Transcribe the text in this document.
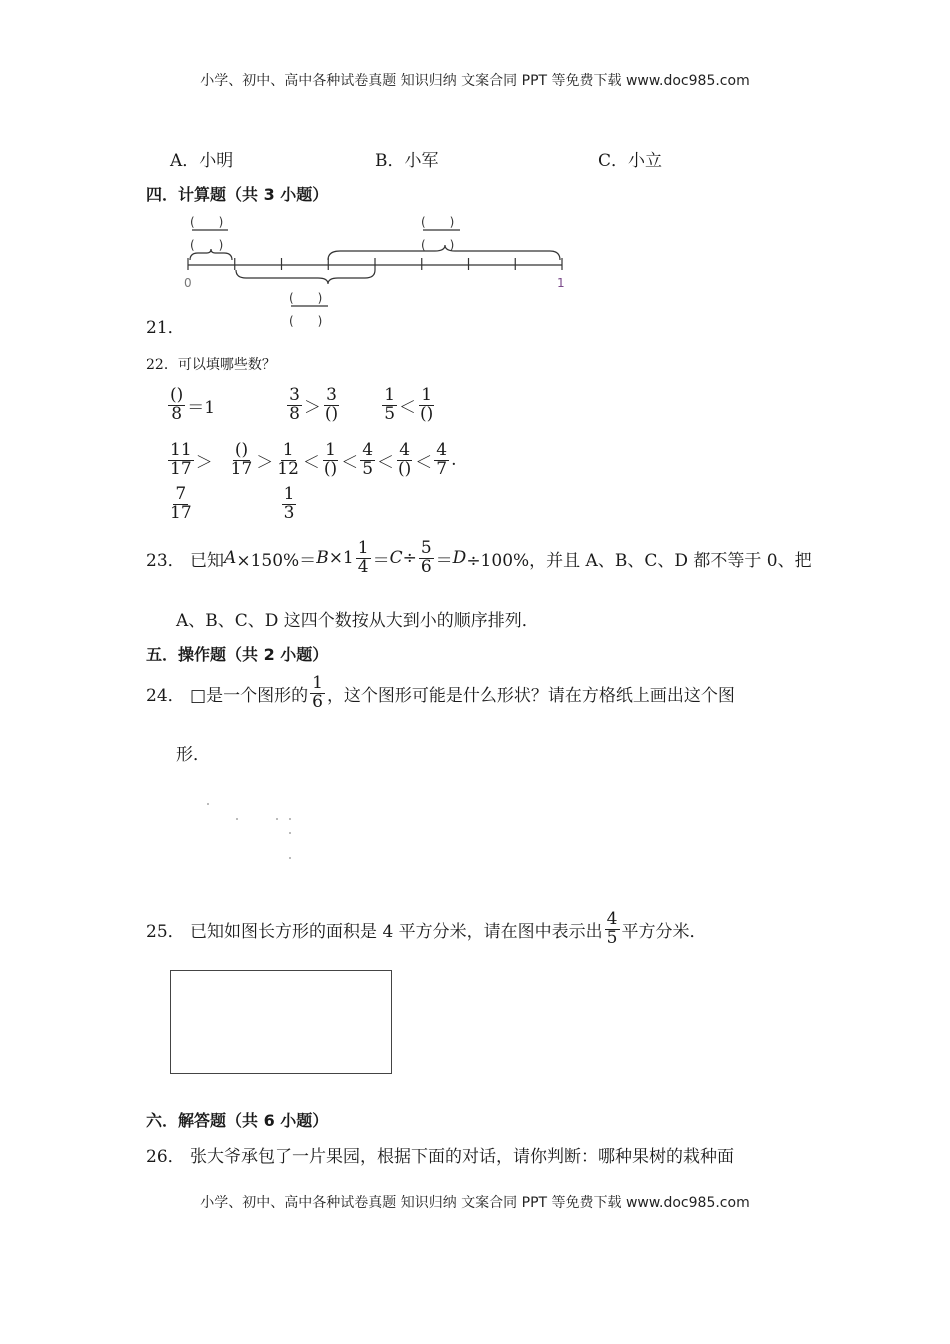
小学、初中、高中各种试卷真题 知识归纳 文案合同 PPT 等免费下载 www.doc985.com
A．小明	B．小军	C．小立
四．计算题（共 3 小题）
(　　)
(　　)
(　　)
(　　)
(　　)
(　　)
0	1
21．
22．可以填哪些数？
$\frac{()}{8} =1$	$\frac{3}{8} > \frac{3}{()} \frac{1}{5} < \frac{1}{()}$
$\frac{11}{17} > \frac{()}{17} > \frac{1}{12} < \frac{1}{()} < \frac{4}{5} < \frac{4}{()} < \frac{4}{7}$ .
$\frac{7}{17}$	$\frac{1}{3}$
23． 已知 $A \times 150\%= B \times 1 \frac{1}{4} = C \div \frac{5}{6} = D \div 100\%$，并且 A、B、C、D 都不等于 0、把
A、B、C、D 这四个数按从大到小的顺序排列．
五．操作题（共 2 小题）
24． □是一个图形的 $\frac{1}{6}$ ，这个图形可能是什么形状？请在方格纸上画出这个图
形．
25． 已知如图长方形的面积是 4 平方分米，请在图中表示出 $\frac{4}{5}$ 平方分米．
六．解答题（共 6 小题）
26． 张大爷承包了一片果园，根据下面的对话，请你判断：哪种果树的栽种面
小学、初中、高中各种试卷真题 知识归纳 文案合同 PPT 等免费下载 www.doc985.com
